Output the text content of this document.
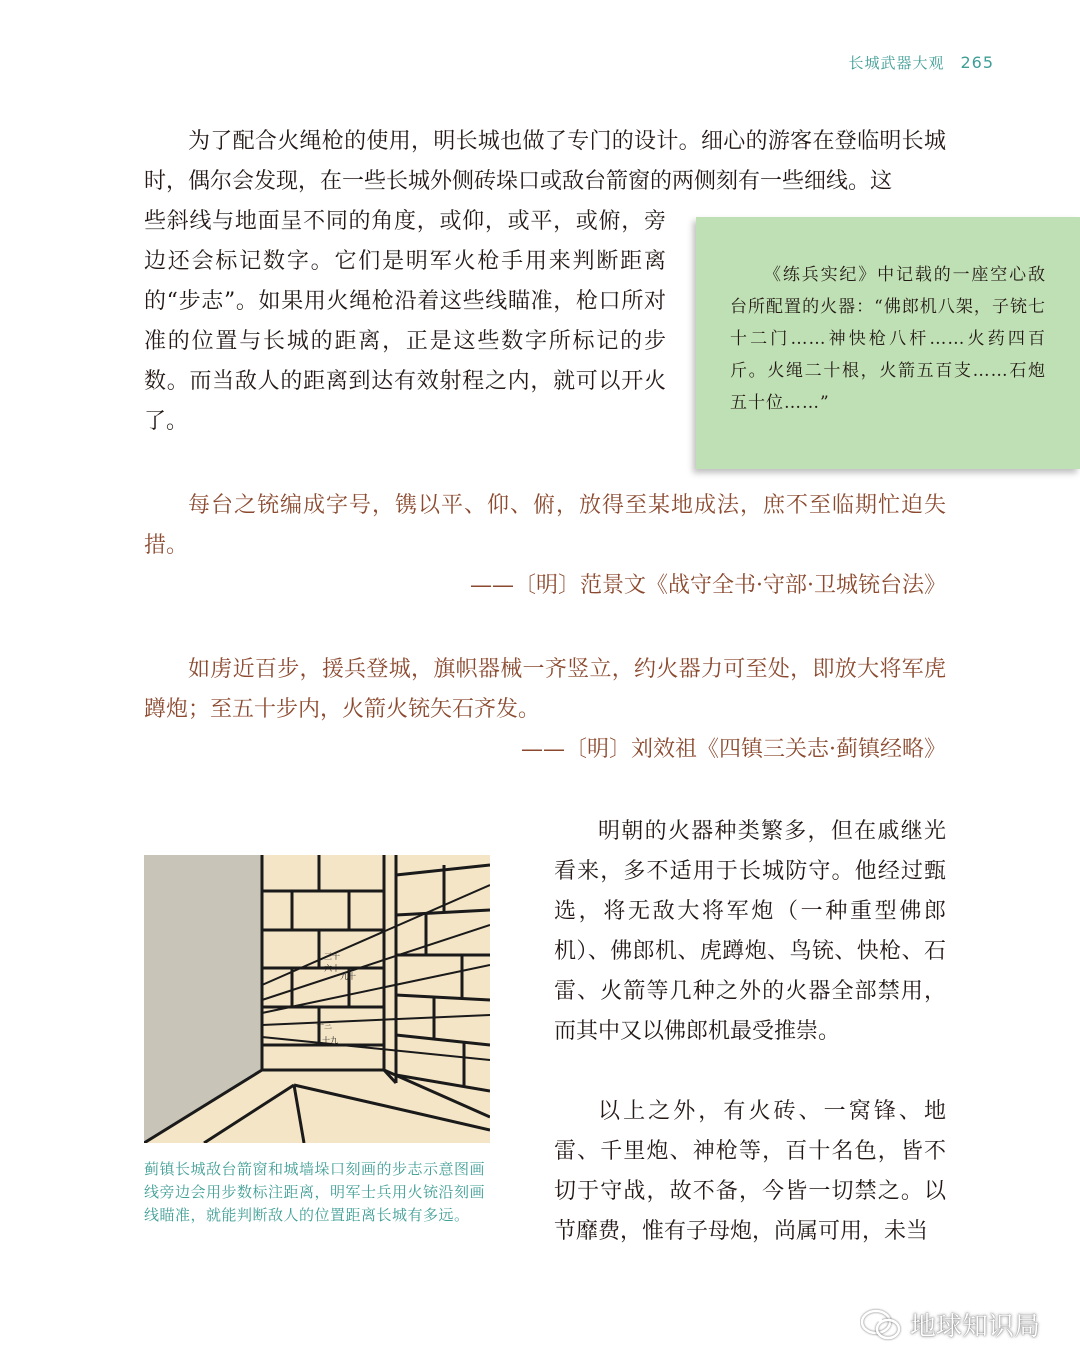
长城武器大观 265

为了配合火绳枪的使用，明长城也做了专门的设计。细心的游客在登临明长城时，偶尔会发现，在一些长城外侧砖垛口或敌台箭窗的两侧刻有一些细线。这

些斜线与地面呈不同的角度，或仰，或平，或俯，旁边还会标记数字。它们是明军火枪手用来判断距离的“步志”。如果用火绳枪沿着这些线瞄准，枪口所对准的位置与长城的距离，正是这些数字所标记的步数。而当敌人的距离到达有效射程之内，就可以开火了。

《练兵实纪》中记载的一座空心敌台所配置的火器：“佛郎机八架，子铳七十二门……神快枪八杆……火药四百斤。火绳二十根，火箭五百支……石炮五十位……”

每台之铳编成字号，镌以平、仰、俯，放得至某地成法，庶不至临期忙迫失措。

——〔明〕范景文《战守全书·守部·卫城铳台法》

如虏近百步，援兵登城，旗帜器械一齐竖立，约火器力可至处，即放大将军虎蹲炮；至五十步内，火箭火铳矢石齐发。

——〔明〕刘效祖《四镇三关志·蓟镇经略》

明朝的火器种类繁多，但在戚继光看来，多不适用于长城防守。他经过甄选，将无敌大将军炮（一种重型佛郎机）、佛郎机、虎蹲炮、鸟铳、快枪、石雷、火箭等几种之外的火器全部禁用，而其中又以佛郎机最受推崇。

以上之外，有火砖、一窝锋、地雷、千里炮、神枪等，百十名色，皆不切于守战，故不备，今皆一切禁之。以节靡费，惟有子母炮，尚属可用，未当

三十
六十
九十
十三
十九
蓟镇长城敌台箭窗和城墙垛口刻画的步志示意图画线旁边会用步数标注距离，明军士兵用火铳沿刻画线瞄准，就能判断敌人的位置距离长城有多远。
地球知识局
